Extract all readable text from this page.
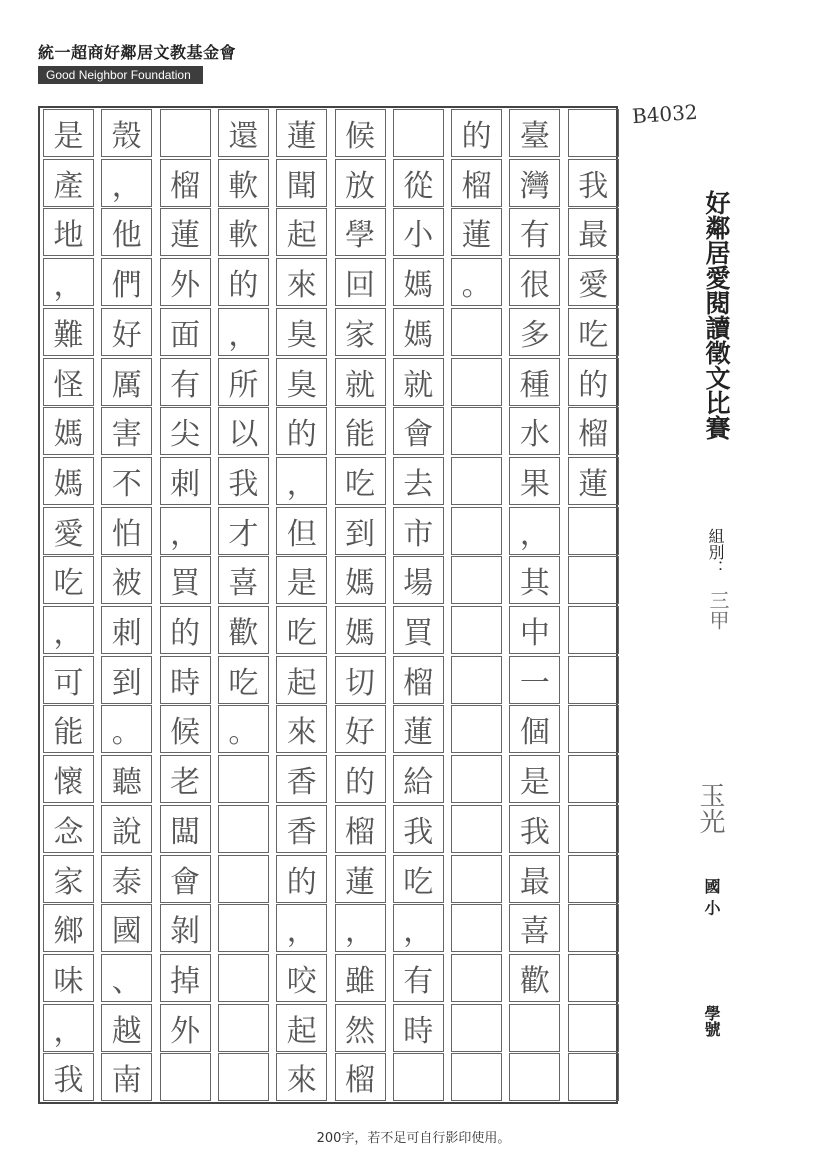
統一超商好鄰居文教基金會
Good Neighbor Foundation
B4032
我
最
愛
吃
的
榴
蓮
臺
灣
有
很
多
種
水
果
，
其
中
一
個
是
我
最
喜
歡
的
榴
蓮
。
從
小
媽
媽
就
會
去
市
場
買
榴
蓮
給
我
吃
，
有
時
候
放
學
回
家
就
能
吃
到
媽
媽
切
好
的
榴
蓮
，
雖
然
榴
蓮
聞
起
來
臭
臭
的
，
但
是
吃
起
來
香
香
的
，
咬
起
來
還
軟
軟
的
，
所
以
我
才
喜
歡
吃
。
榴
蓮
外
面
有
尖
刺
，
買
的
時
候
老
闆
會
剝
掉
外
殼
，
他
們
好
厲
害
不
怕
被
刺
到
。
聽
說
泰
國
、
越
南
是
產
地
，
難
怪
媽
媽
愛
吃
，
可
能
懷
念
家
鄉
味
，
我
好鄰居愛閱讀徵文比賽
組別：
三甲
玉光
國 小
學號
200字，若不足可自行影印使用。
